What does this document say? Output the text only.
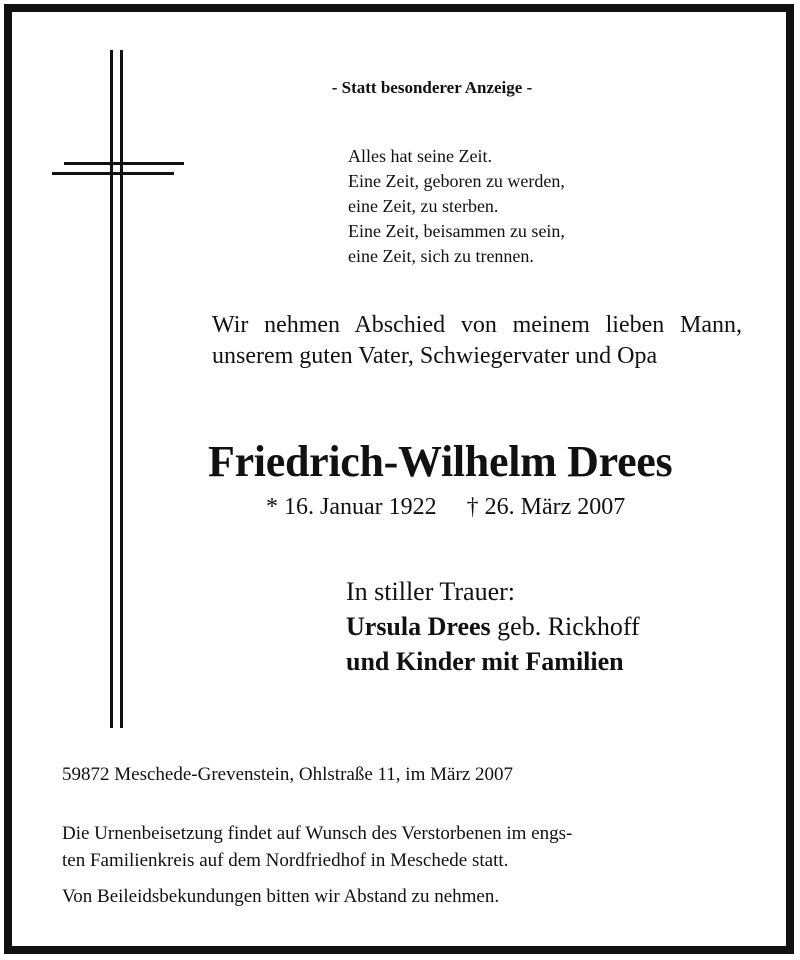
- Statt besonderer Anzeige -
Alles hat seine Zeit.
Eine Zeit, geboren zu werden,
eine Zeit, zu sterben.
Eine Zeit, beisammen zu sein,
eine Zeit, sich zu trennen.
Wir nehmen Abschied von meinem lieben Mann, unserem guten Vater, Schwiegervater und Opa
Friedrich-Wilhelm Drees
* 16. Januar 1922 † 26. März 2007
In stiller Trauer:
Ursula Drees geb. Rickhoff
und Kinder mit Familien
59872 Meschede-Grevenstein, Ohlstraße 11, im März 2007
Die Urnenbeisetzung findet auf Wunsch des Verstorbenen im engs-
ten Familienkreis auf dem Nordfriedhof in Meschede statt.
Von Beileidsbekundungen bitten wir Abstand zu nehmen.
